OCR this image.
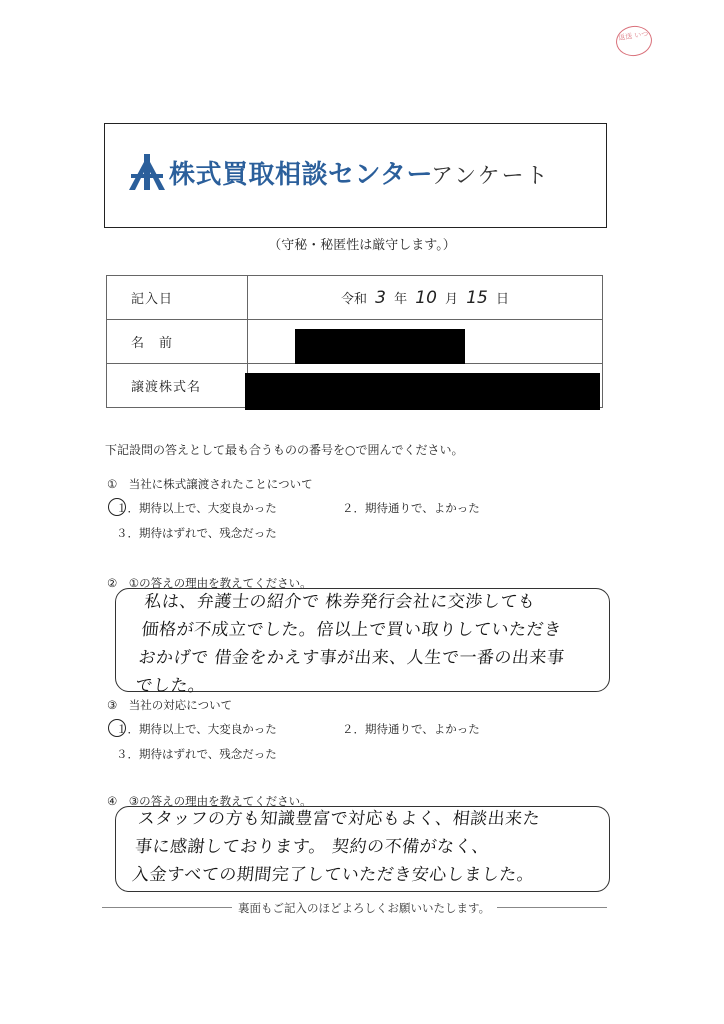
返送 いつ
株式買取相談センター
アンケート
（守秘・秘匿性は厳守します。）
記入日	令和 3 年 10 月 15 日
名　前	
譲渡株式名	
下記設問の答えとして最も合うものの番号を○で囲んでください。
①　当社に株式譲渡されたことについて
１．期待以上で、大変良かった	２．期待通りで、よかった
３．期待はずれで、残念だった
②　①の答えの理由を教えてください。
私は、弁護士の紹介で 株券発行会社に交渉しても
価格が不成立でした。倍以上で買い取りしていただき
おかげで 借金をかえす事が出来、人生で一番の出来事
でした。
③　当社の対応について
１．期待以上で、大変良かった	２．期待通りで、よかった
３．期待はずれで、残念だった
④　③の答えの理由を教えてください。
スタッフの方も知識豊富で対応もよく、相談出来た
事に感謝しております。 契約の不備がなく、
入金すべての期間完了していただき安心しました。
裏面もご記入のほどよろしくお願いいたします。
